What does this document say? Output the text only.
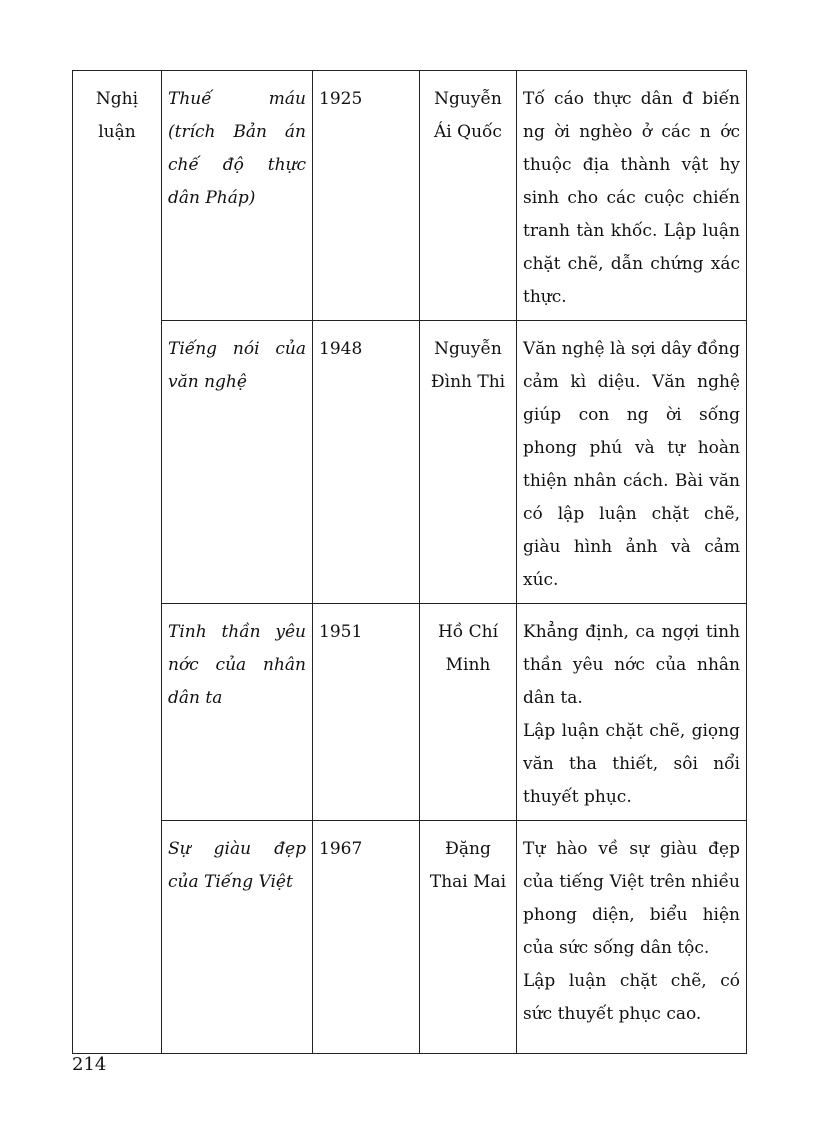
Nghị luận	Thuế máu (trích Bản án chế độ thực dân Pháp)	1925	Nguyễn Ái Quốc	Tố cáo thực dân đ biến ng ời nghèo ở các n ớc thuộc địa thành vật hy sinh cho các cuộc chiến tranh tàn khốc. Lập luận chặt chẽ, dẫn chứng xác thực.
	Tiếng nói của văn nghệ	1948	Nguyễn Đình Thi	Văn nghệ là sợi dây đồng cảm kì diệu. Văn nghệ giúp con ng ời sống phong phú và tự hoàn thiện nhân cách. Bài văn có lập luận chặt chẽ, giàu hình ảnh và cảm xúc.
	Tinh thần yêu nớc của nhân dân ta	1951	Hồ Chí Minh	Khẳng định, ca ngợi tinh thần yêu nớc của nhân dân ta.
Lập luận chặt chẽ, giọng văn tha thiết, sôi nổi thuyết phục.

	Sự giàu đẹp của Tiếng Việt	1967	Đặng Thai Mai	Tự hào về sự giàu đẹp của tiếng Việt trên nhiều phong diện, biểu hiện của sức sống dân tộc.
Lập luận chặt chẽ, có sức thuyết phục cao.
214
